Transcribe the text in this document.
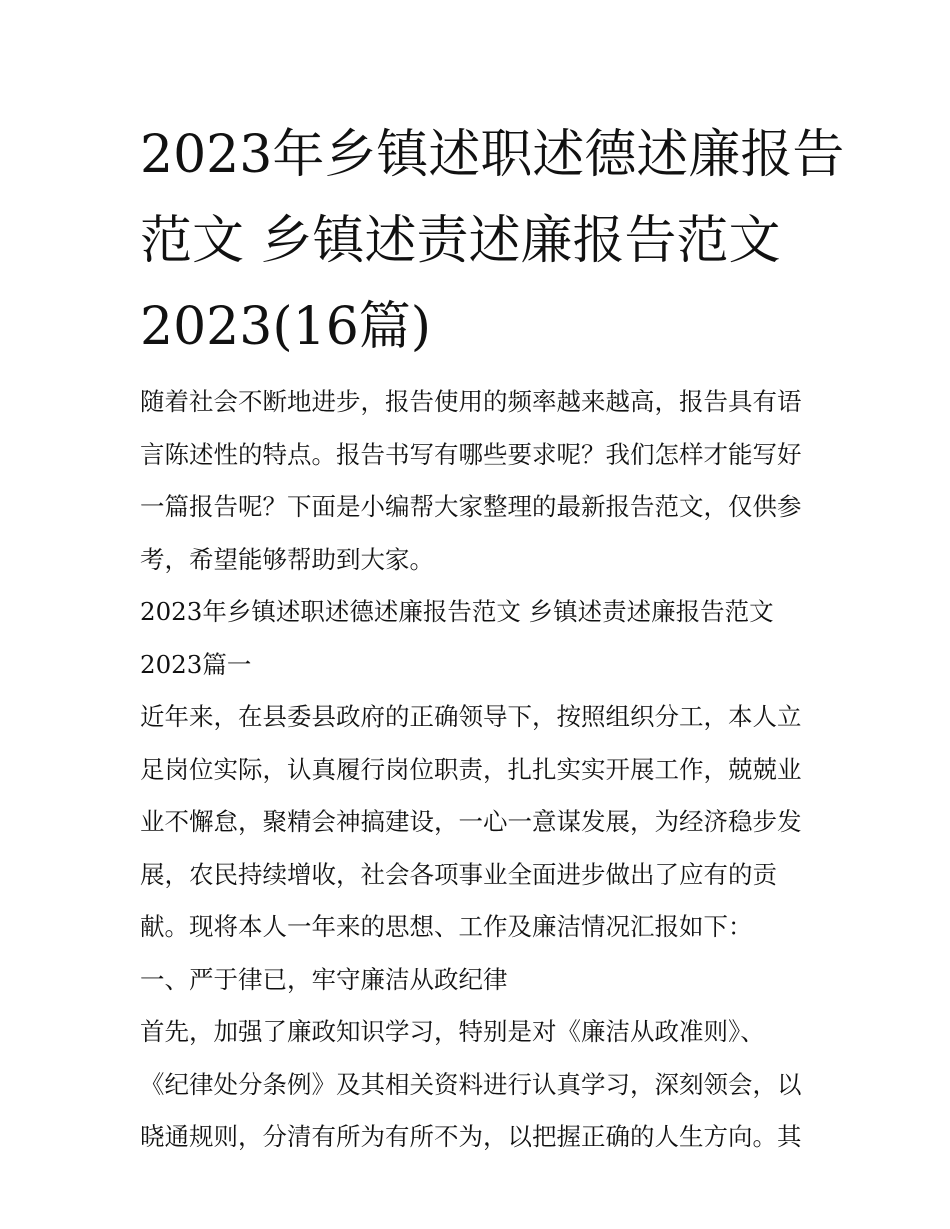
2023年乡镇述职述德述廉报告
范文 乡镇述责述廉报告范文
2023(16篇)

随着社会不断地进步，报告使用的频率越来越高，报告具有语
言陈述性的特点。报告书写有哪些要求呢？我们怎样才能写好
一篇报告呢？下面是小编帮大家整理的最新报告范文，仅供参
考，希望能够帮助到大家。

2023年乡镇述职述德述廉报告范文 乡镇述责述廉报告范文
2023篇一

近年来，在县委县政府的正确领导下，按照组织分工，本人立
足岗位实际，认真履行岗位职责，扎扎实实开展工作，兢兢业
业不懈怠，聚精会神搞建设，一心一意谋发展，为经济稳步发
展，农民持续增收，社会各项事业全面进步做出了应有的贡
献。现将本人一年来的思想、工作及廉洁情况汇报如下：

一、严于律已，牢守廉洁从政纪律

首先，加强了廉政知识学习，特别是对《廉洁从政准则》、
《纪律处分条例》及其相关资料进行认真学习，深刻领会，以
晓通规则，分清有所为有所不为，以把握正确的人生方向。其
